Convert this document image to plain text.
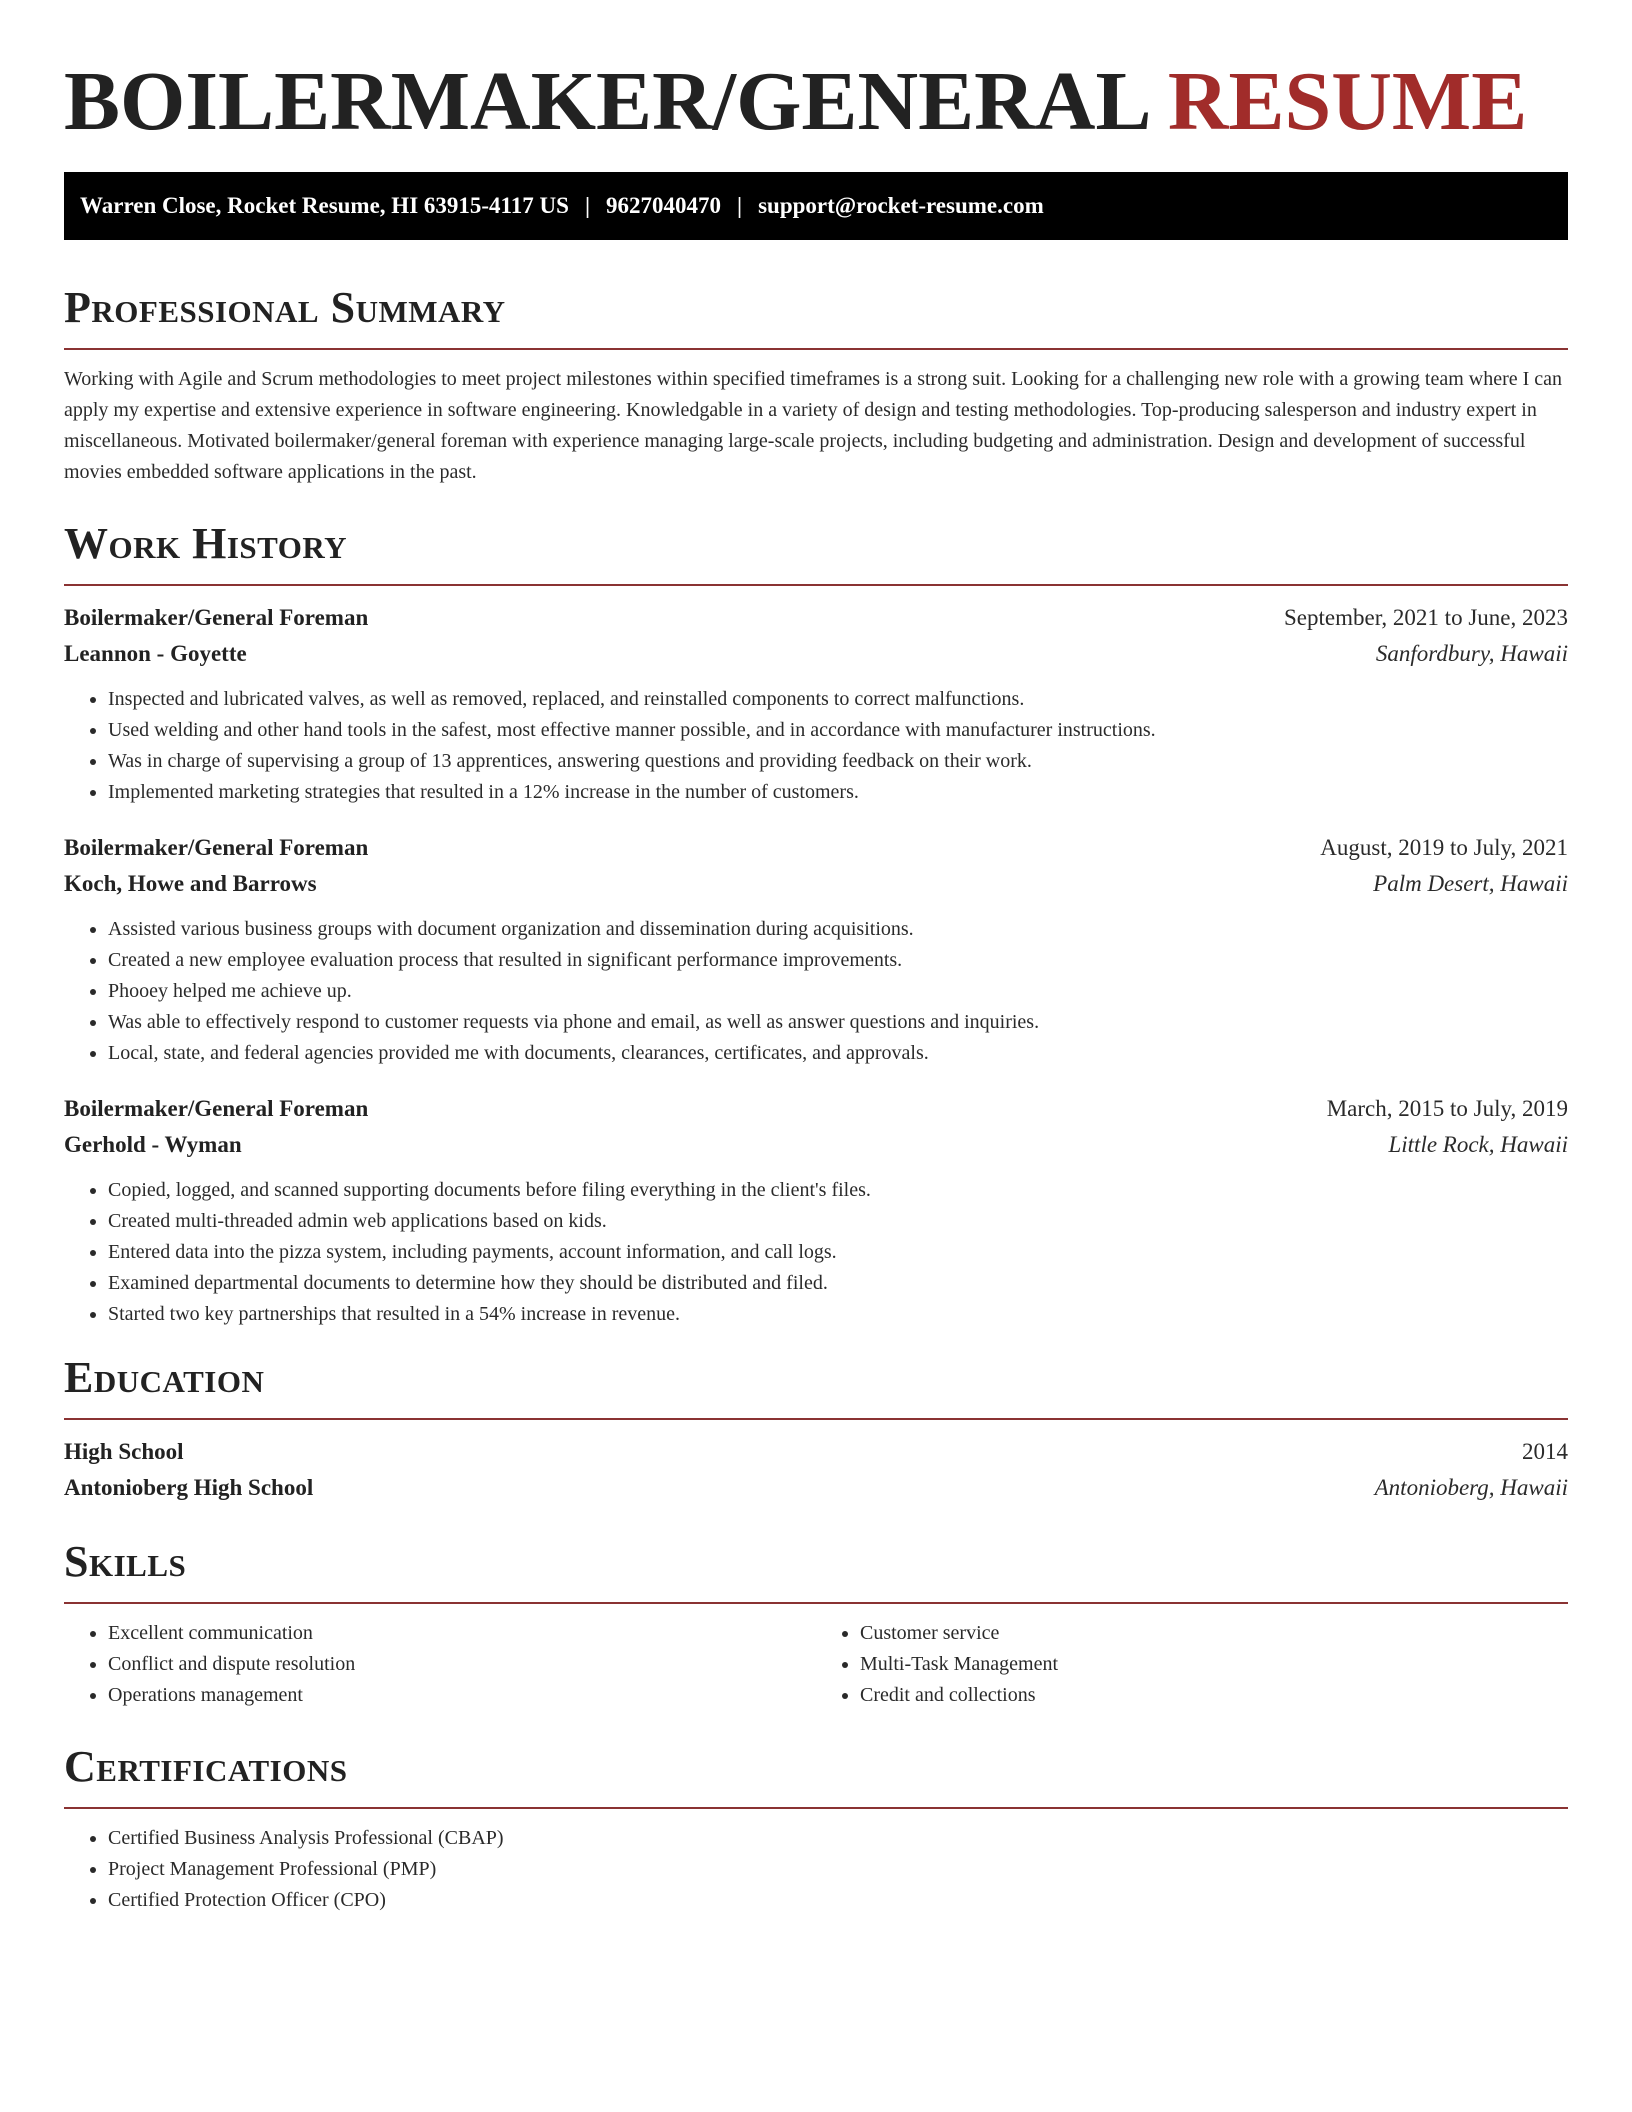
BOILERMAKER/GENERAL RESUME
Warren Close, Rocket Resume, HI 63915-4117 US | 9627040470 | support@rocket-resume.com
Professional Summary

Working with Agile and Scrum methodologies to meet project milestones within specified timeframes is a strong suit. Looking for a challenging new role with a growing team where I can apply my expertise and extensive experience in software engineering. Knowledgable in a variety of design and testing methodologies. Top-producing salesperson and industry expert in miscellaneous. Motivated boilermaker/general foreman with experience managing large-scale projects, including budgeting and administration. Design and development of successful movies embedded software applications in the past.

Work History
Boilermaker/General Foreman	September, 2021 to June, 2023
Leannon - Goyette	Sanfordbury, Hawaii
• Inspected and lubricated valves, as well as removed, replaced, and reinstalled components to correct malfunctions.
• Used welding and other hand tools in the safest, most effective manner possible, and in accordance with manufacturer instructions.
• Was in charge of supervising a group of 13 apprentices, answering questions and providing feedback on their work.
• Implemented marketing strategies that resulted in a 12% increase in the number of customers.
Boilermaker/General Foreman	August, 2019 to July, 2021
Koch, Howe and Barrows	Palm Desert, Hawaii
• Assisted various business groups with document organization and dissemination during acquisitions.
• Created a new employee evaluation process that resulted in significant performance improvements.
• Phooey helped me achieve up.
• Was able to effectively respond to customer requests via phone and email, as well as answer questions and inquiries.
• Local, state, and federal agencies provided me with documents, clearances, certificates, and approvals.
Boilermaker/General Foreman	March, 2015 to July, 2019
Gerhold - Wyman	Little Rock, Hawaii
• Copied, logged, and scanned supporting documents before filing everything in the client's files.
• Created multi-threaded admin web applications based on kids.
• Entered data into the pizza system, including payments, account information, and call logs.
• Examined departmental documents to determine how they should be distributed and filed.
• Started two key partnerships that resulted in a 54% increase in revenue.
Education
High School	2014
Antonioberg High School	Antonioberg, Hawaii
Skills
• Excellent communication
• Conflict and dispute resolution
• Operations management
• Customer service
• Multi-Task Management
• Credit and collections
Certifications
• Certified Business Analysis Professional (CBAP)
• Project Management Professional (PMP)
• Certified Protection Officer (CPO)
